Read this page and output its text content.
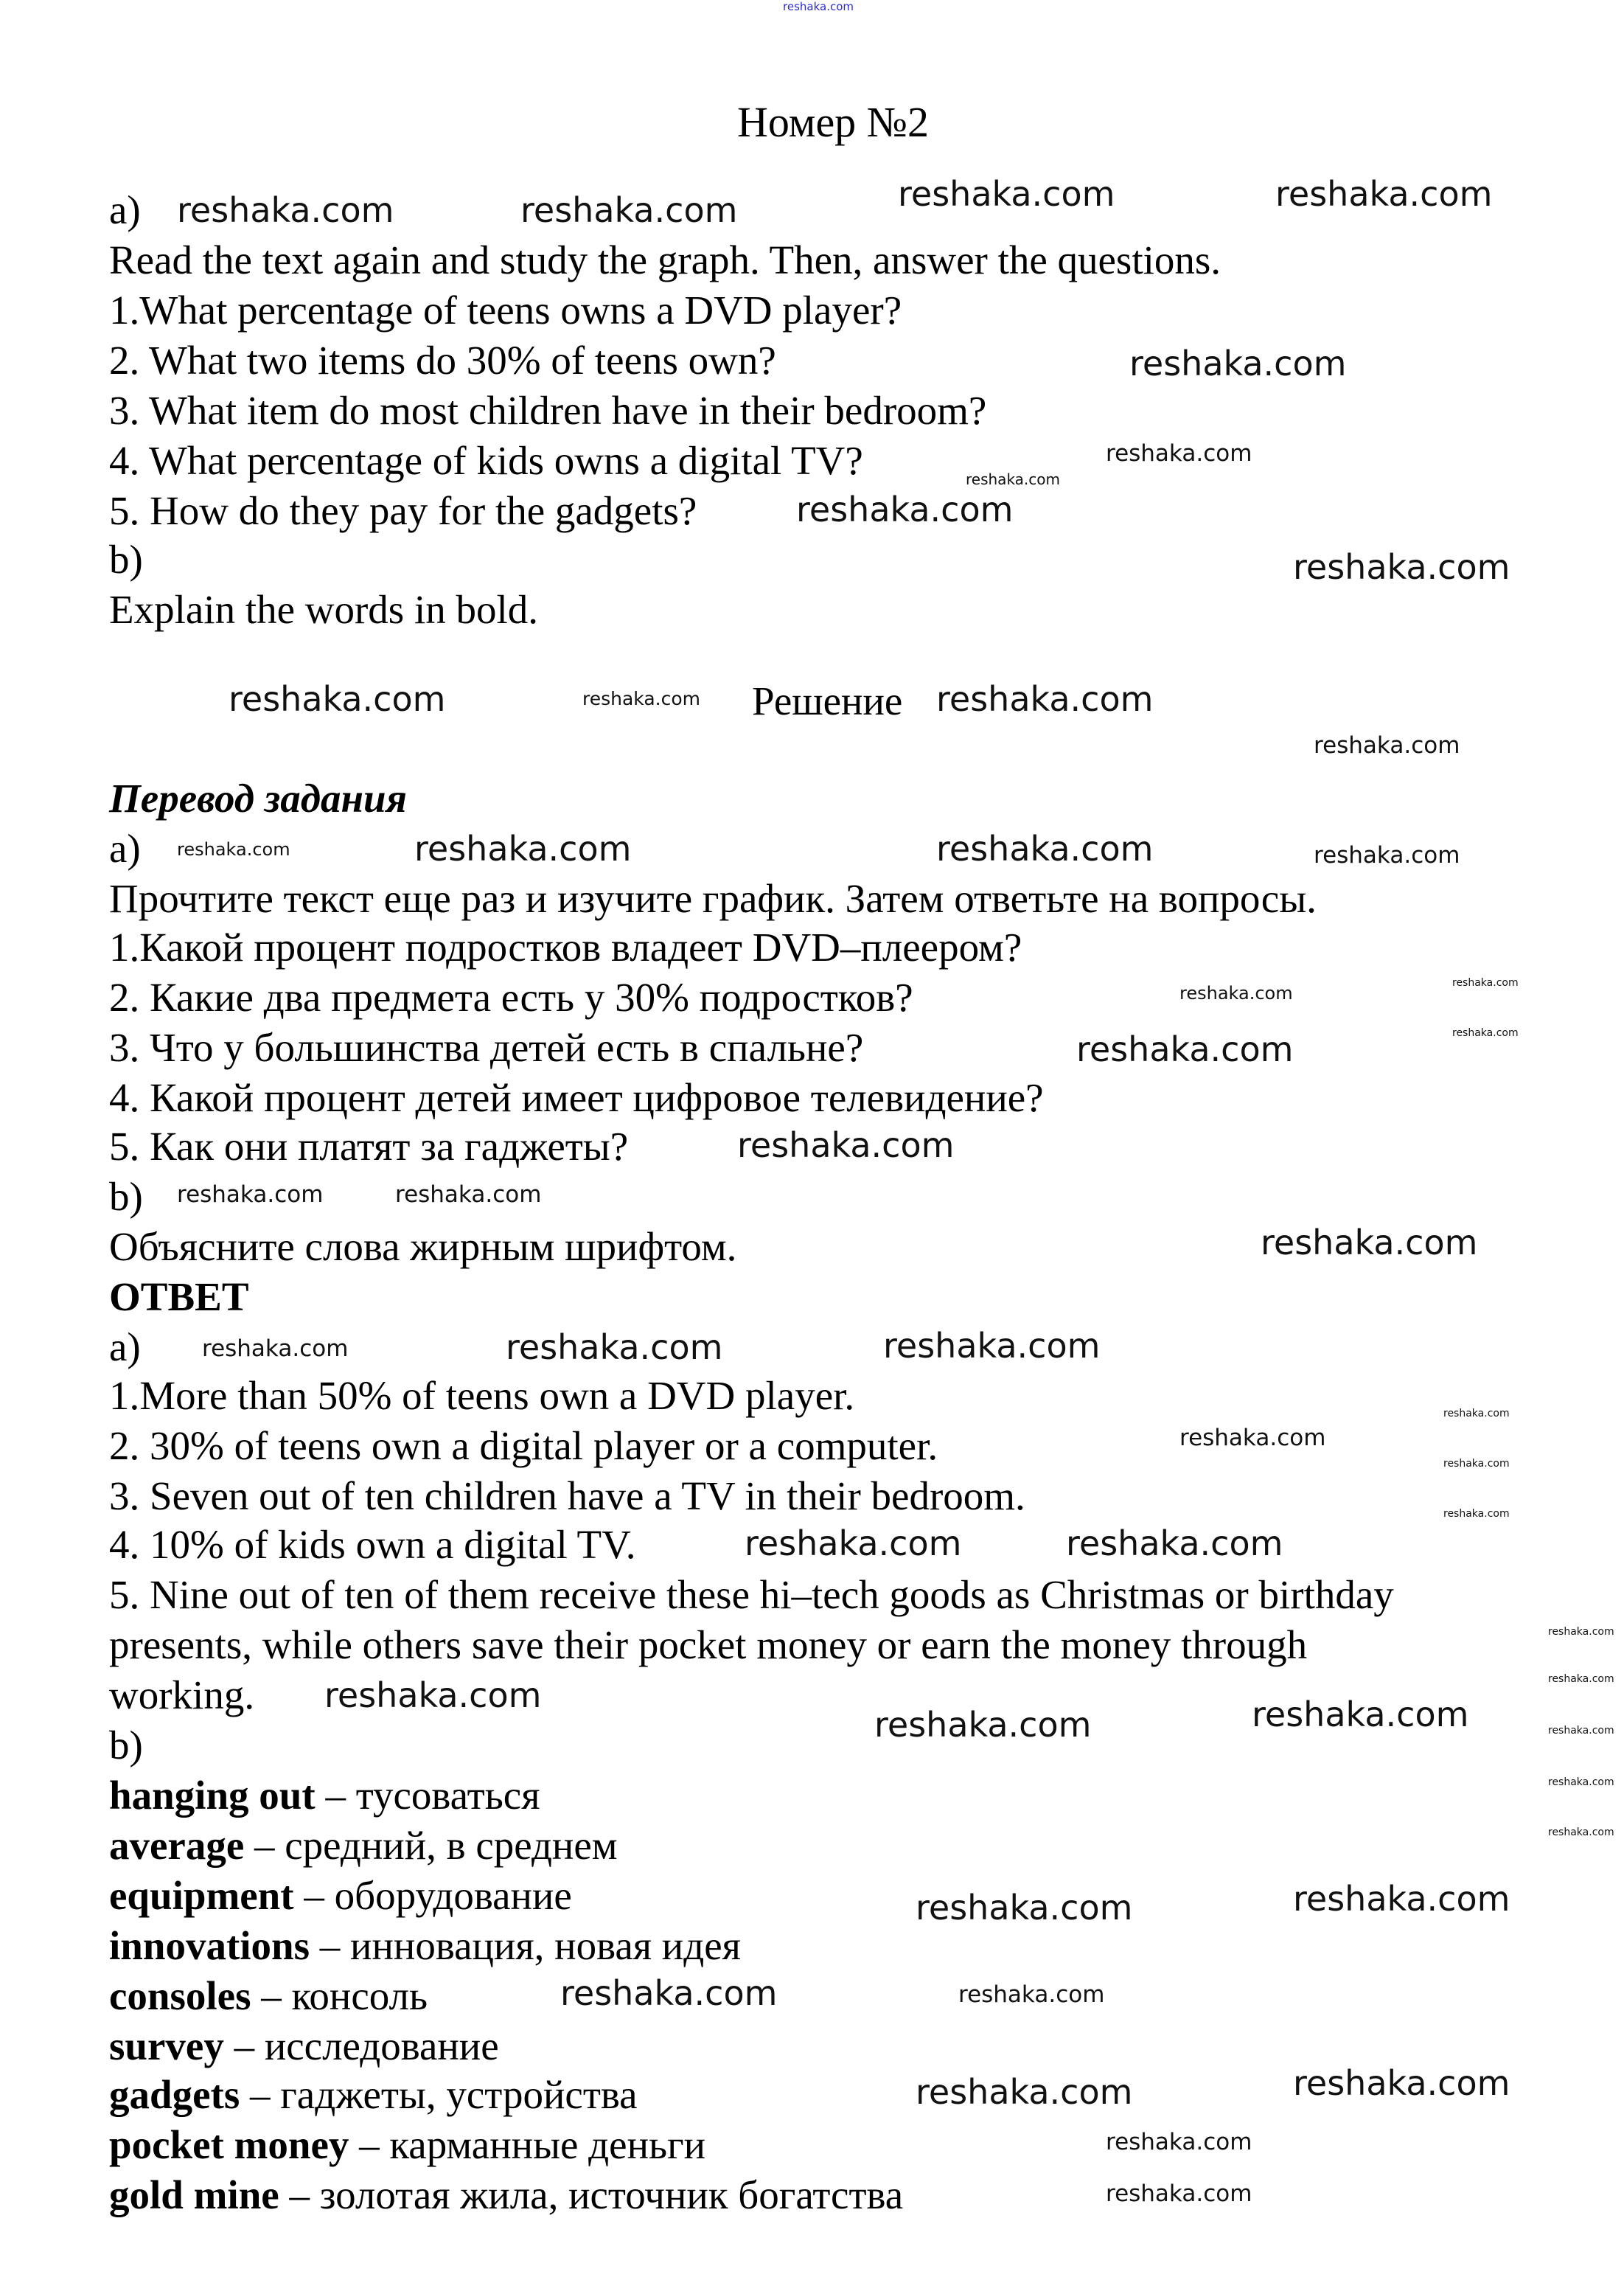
reshaka.com
Номер №2
a)
Read the text again and study the graph. Then, answer the questions.
1.What percentage of teens owns a DVD player?
2. What two items do 30% of teens own?
3. What item do most children have in their bedroom?
4. What percentage of kids owns a digital TV?
5. How do they pay for the gadgets?
b)
Explain the words in bold.
Решение
Перевод задания
a)
Прочтите текст еще раз и изучите график. Затем ответьте на вопросы.
1.Какой процент подростков владеет DVD–плеером?
2. Какие два предмета есть у 30% подростков?
3. Что у большинства детей есть в спальне?
4. Какой процент детей имеет цифровое телевидение?
5. Как они платят за гаджеты?
b)
Объясните слова жирным шрифтом.
ОТВЕТ
a)
1.More than 50% of teens own a DVD player.
2. 30% of teens own a digital player or a computer.
3. Seven out of ten children have a TV in their bedroom.
4. 10% of kids own a digital TV.
5. Nine out of ten of them receive these hi–tech goods as Christmas or birthday
presents, while others save their pocket money or earn the money through
working.
b)
hanging out – тусоваться
average – средний, в среднем
equipment – оборудование
innovations – инновация, новая идея
consoles – консоль
survey – исследование
gadgets – гаджеты, устройства
pocket money – карманные деньги
gold mine – золотая жила, источник богатства
reshaka.com	reshaka.com	reshaka.com	reshaka.com
reshaka.com
reshaka.com
reshaka.com
reshaka.com	reshaka.com
reshaka.com	reshaka.com
reshaka.com
reshaka.com
reshaka.com
reshaka.com	reshaka.com
reshaka.com	reshaka.com
reshaka.com
reshaka.com	reshaka.com
reshaka.com	reshaka.com
reshaka.com
reshaka.com	reshaka.com
reshaka.com
reshaka.com
reshaka.com
reshaka.com
reshaka.com	reshaka.com
reshaka.com
reshaka.com
reshaka.com
reshaka.com
reshaka.com
reshaka.com
reshaka.com
reshaka.com	reshaka.com
reshaka.com
reshaka.com
reshaka.com
reshaka.com
reshaka.com
reshaka.com
reshaka.com
reshaka.com
reshaka.com
